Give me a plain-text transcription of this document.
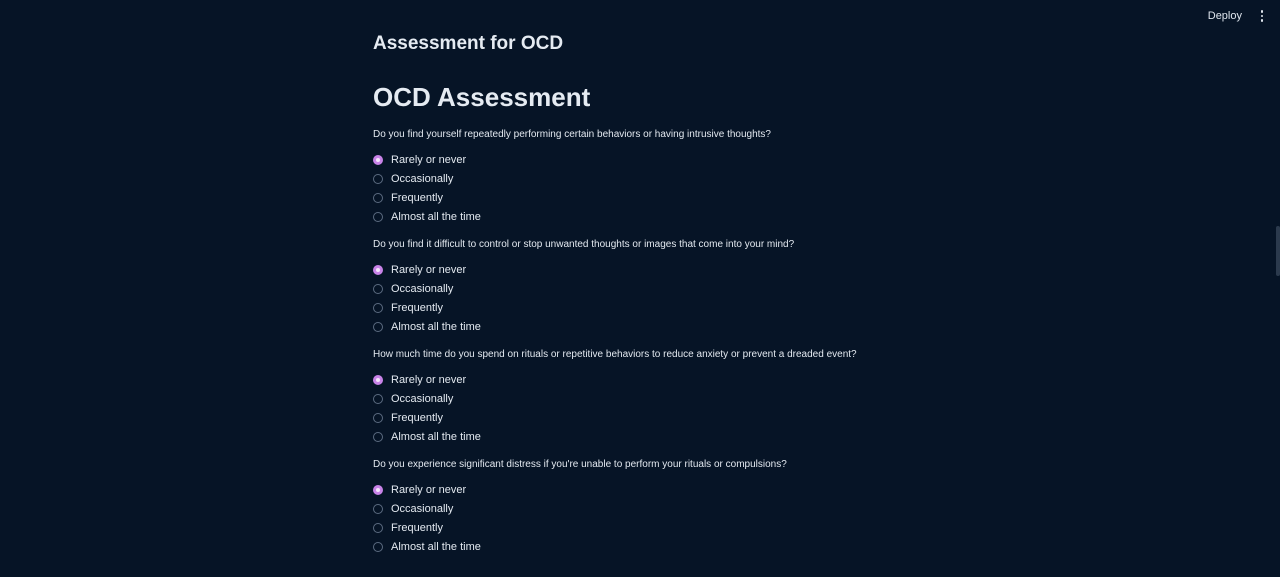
Deploy
Assessment for OCD
OCD Assessment
Do you find yourself repeatedly performing certain behaviors or having intrusive thoughts?
Rarely or never
Occasionally
Frequently
Almost all the time
Do you find it difficult to control or stop unwanted thoughts or images that come into your mind?
Rarely or never
Occasionally
Frequently
Almost all the time
How much time do you spend on rituals or repetitive behaviors to reduce anxiety or prevent a dreaded event?
Rarely or never
Occasionally
Frequently
Almost all the time
Do you experience significant distress if you're unable to perform your rituals or compulsions?
Rarely or never
Occasionally
Frequently
Almost all the time
